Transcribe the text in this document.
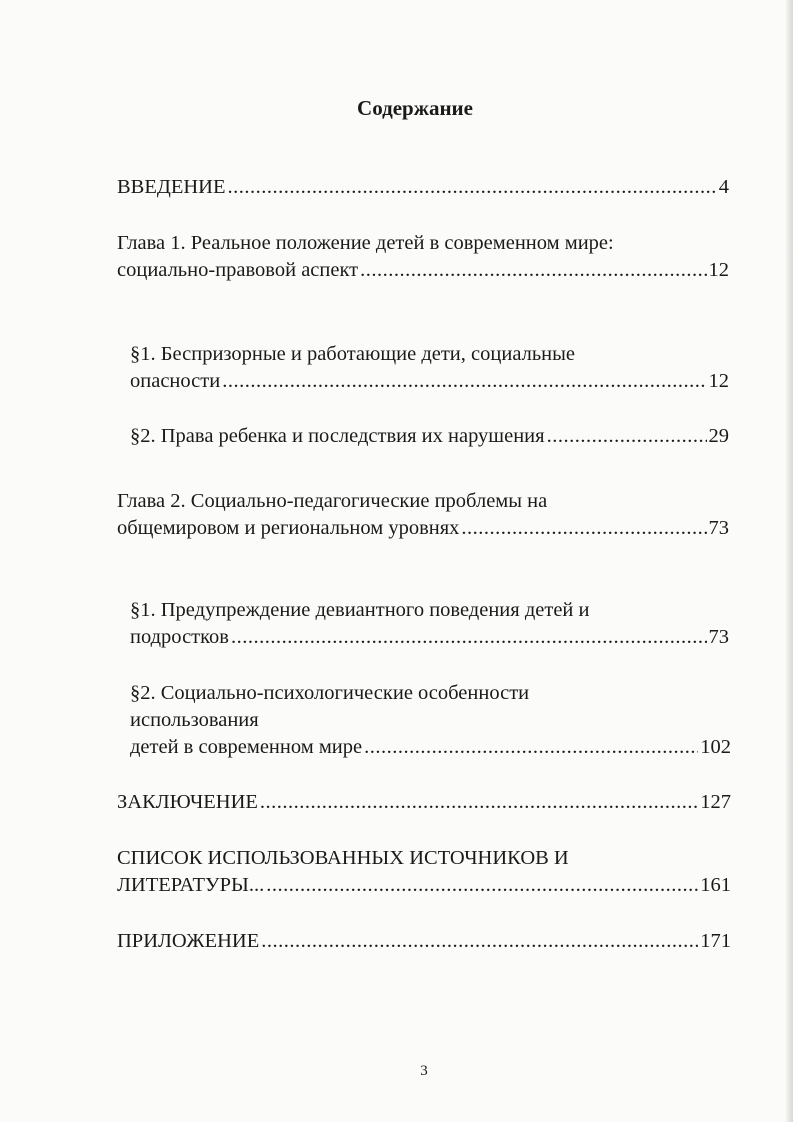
Содержание
ВВЕДЕНИЕ .....	4
Глава 1. Реальное положение детей в современном мире:
социально-правовой аспект .....	12
§1. Беспризорные и работающие дети, социальные
опасности .....	12
§2. Права ребенка и последствия их нарушения .....	29
Глава 2. Социально-педагогические проблемы на
общемировом и региональном уровнях .....	73
§1. Предупреждение девиантного поведения детей и
подростков .....	73
§2. Социально-психологические особенности
использования
детей в современном мире .....	102
ЗАКЛЮЧЕНИЕ .....	127
СПИСОК ИСПОЛЬЗОВАННЫХ ИСТОЧНИКОВ И
ЛИТЕРАТУРЫ... .....	161
ПРИЛОЖЕНИЕ .....	171
3
